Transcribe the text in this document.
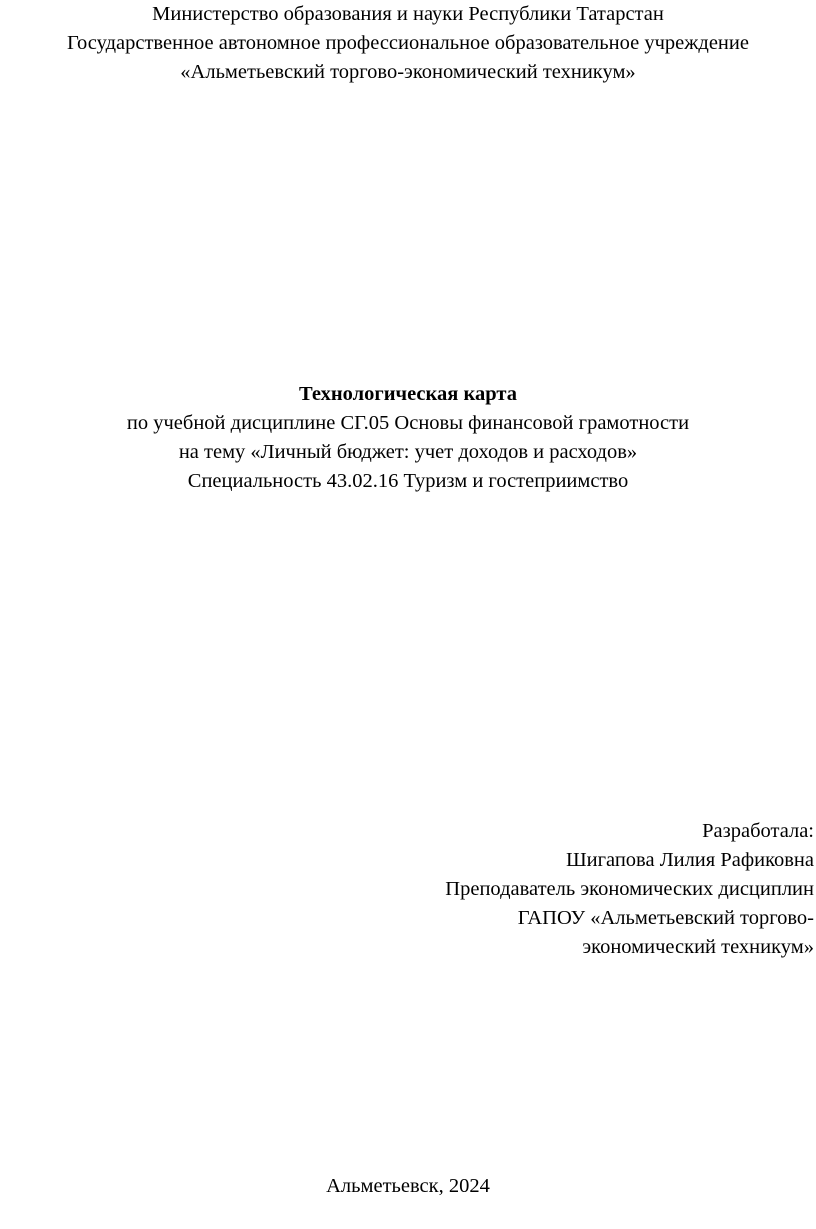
Министерство образования и науки Республики Татарстан
Государственное автономное профессиональное образовательное учреждение
«Альметьевский торгово-экономический техникум»
Технологическая карта
по учебной дисциплине СГ.05 Основы финансовой грамотности
на тему «Личный бюджет: учет доходов и расходов»
Специальность 43.02.16 Туризм и гостеприимство
Разработала:
Шигапова Лилия Рафиковна
Преподаватель экономических дисциплин
ГАПОУ «Альметьевский торгово-
экономический техникум»
Альметьевск, 2024
